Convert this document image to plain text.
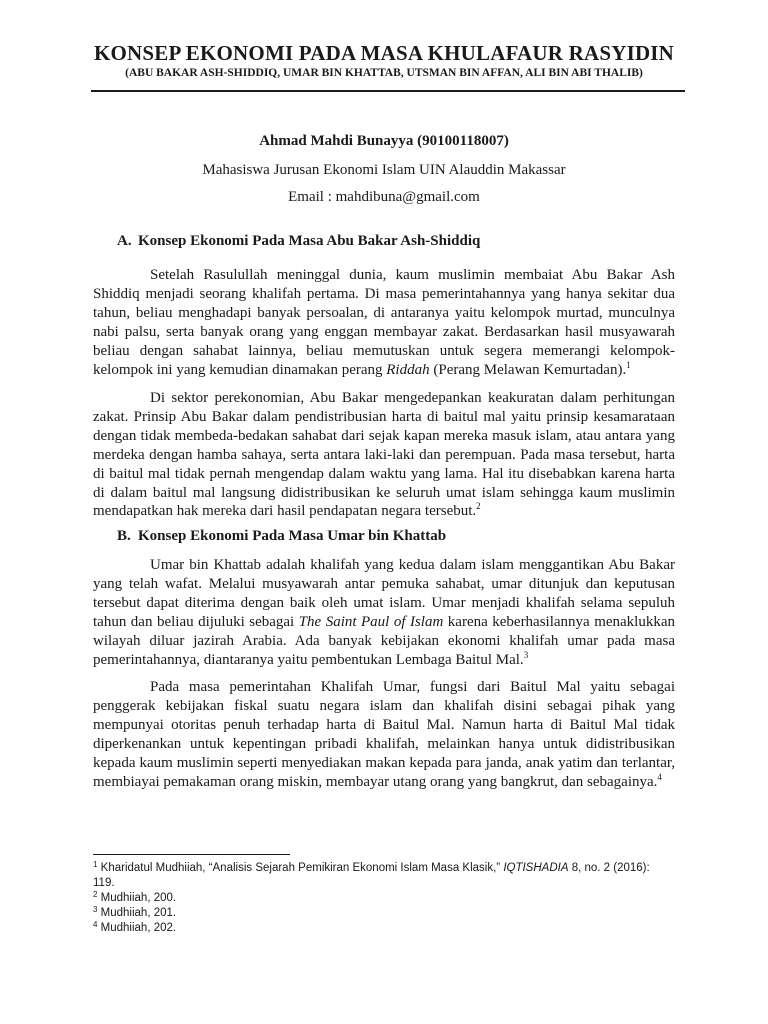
KONSEP EKONOMI PADA MASA KHULAFAUR RASYIDIN
(ABU BAKAR ASH-SHIDDIQ, UMAR BIN KHATTAB, UTSMAN BIN AFFAN, ALI BIN ABI THALIB)
Ahmad Mahdi Bunayya (90100118007)
Mahasiswa Jurusan Ekonomi Islam UIN Alauddin Makassar
Email : mahdibuna@gmail.com
A. Konsep Ekonomi Pada Masa Abu Bakar Ash-Shiddiq

Setelah Rasulullah meninggal dunia, kaum muslimin membaiat Abu Bakar Ash Shiddiq menjadi seorang khalifah pertama. Di masa pemerintahannya yang hanya sekitar dua tahun, beliau menghadapi banyak persoalan, di antaranya yaitu kelompok murtad, munculnya nabi palsu, serta banyak orang yang enggan membayar zakat. Berdasarkan hasil musyawarah beliau dengan sahabat lainnya, beliau memutuskan untuk segera memerangi kelompok-kelompok ini yang kemudian dinamakan perang Riddah (Perang Melawan Kemurtadan).$^1$

Di sektor perekonomian, Abu Bakar mengedepankan keakuratan dalam perhitungan zakat. Prinsip Abu Bakar dalam pendistribusian harta di baitul mal yaitu prinsip kesamarataan dengan tidak membeda-bedakan sahabat dari sejak kapan mereka masuk islam, atau antara yang merdeka dengan hamba sahaya, serta antara laki-laki dan perempuan. Pada masa tersebut, harta di baitul mal tidak pernah mengendap dalam waktu yang lama. Hal itu disebabkan karena harta di dalam baitul mal langsung didistribusikan ke seluruh umat islam sehingga kaum muslimin mendapatkan hak mereka dari hasil pendapatan negara tersebut.$^2$

B. Konsep Ekonomi Pada Masa Umar bin Khattab

Umar bin Khattab adalah khalifah yang kedua dalam islam menggantikan Abu Bakar yang telah wafat. Melalui musyawarah antar pemuka sahabat, umar ditunjuk dan keputusan tersebut dapat diterima dengan baik oleh umat islam. Umar menjadi khalifah selama sepuluh tahun dan beliau dijuluki sebagai The Saint Paul of Islam karena keberhasilannya menaklukkan wilayah diluar jazirah Arabia. Ada banyak kebijakan ekonomi khalifah umar pada masa pemerintahannya, diantaranya yaitu pembentukan Lembaga Baitul Mal.$^3$

Pada masa pemerintahan Khalifah Umar, fungsi dari Baitul Mal yaitu sebagai penggerak kebijakan fiskal suatu negara islam dan khalifah disini sebagai pihak yang mempunyai otoritas penuh terhadap harta di Baitul Mal. Namun harta di Baitul Mal tidak diperkenankan untuk kepentingan pribadi khalifah, melainkan hanya untuk didistribusikan kepada kaum muslimin seperti menyediakan makan kepada para janda, anak yatim dan terlantar, membiayai pemakaman orang miskin, membayar utang orang yang bangkrut, dan sebagainya.$^4$

$^1$ Kharidatul Mudhiiah, “Analisis Sejarah Pemikiran Ekonomi Islam Masa Klasik,” IQTISHADIA 8, no. 2 (2016): 119.
$^2$ Mudhiiah, 200.
$^3$ Mudhiiah, 201.
$^4$ Mudhiiah, 202.
